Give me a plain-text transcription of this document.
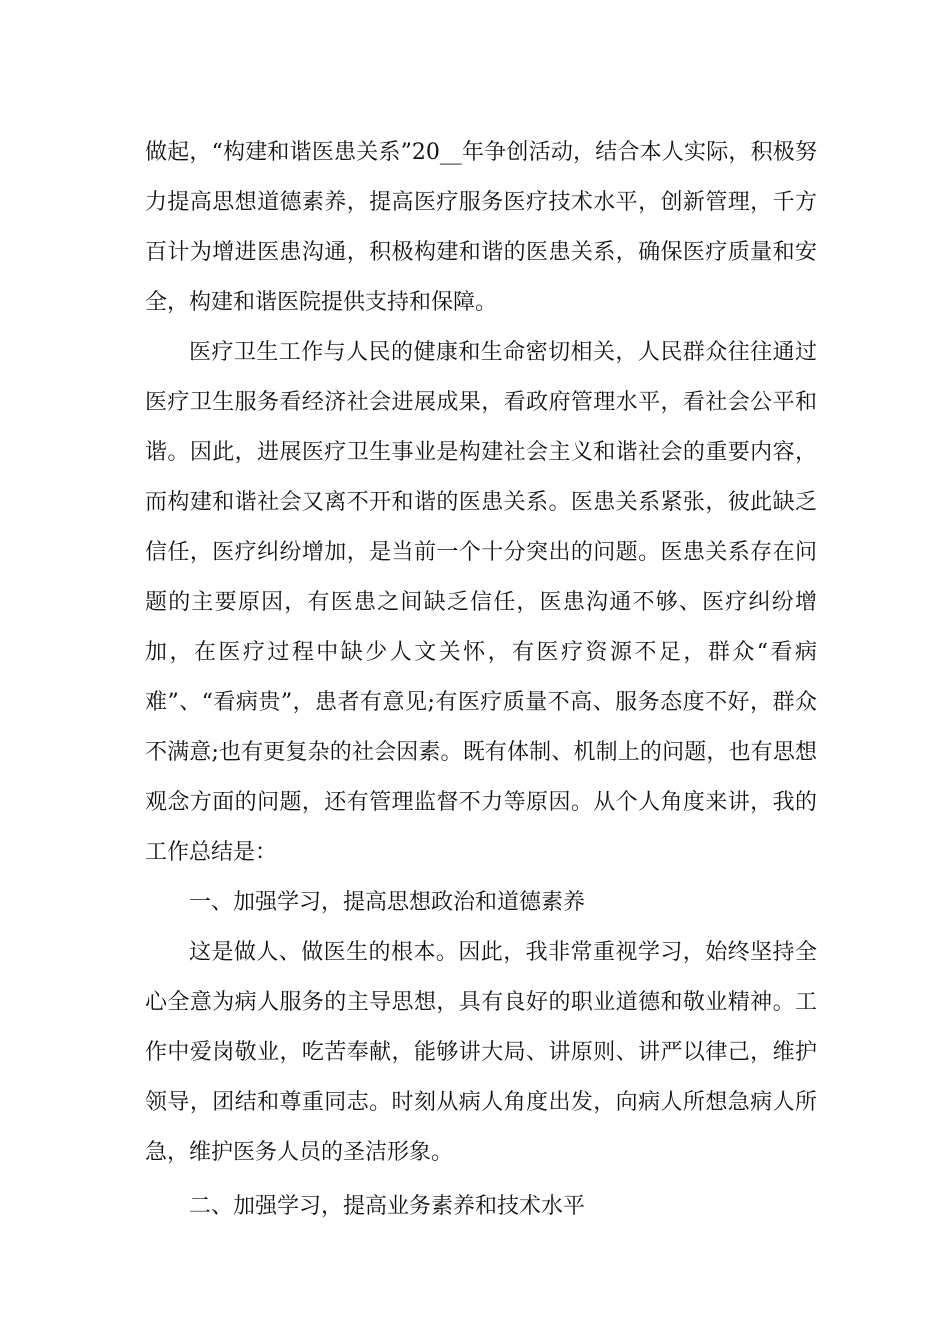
做起，“构建和谐医患关系”20__年争创活动，结合本人实际，积极努力提高思想道德素养，提高医疗服务医疗技术水平，创新管理，千方百计为增进医患沟通，积极构建和谐的医患关系，确保医疗质量和安全，构建和谐医院提供支持和保障。

医疗卫生工作与人民的健康和生命密切相关，人民群众往往通过医疗卫生服务看经济社会进展成果，看政府管理水平，看社会公平和谐。因此，进展医疗卫生事业是构建社会主义和谐社会的重要内容，而构建和谐社会又离不开和谐的医患关系。医患关系紧张，彼此缺乏信任，医疗纠纷增加，是当前一个十分突出的问题。医患关系存在问题的主要原因，有医患之间缺乏信任，医患沟通不够、医疗纠纷增加，在医疗过程中缺少人文关怀，有医疗资源不足，群众“看病难”、“看病贵”，患者有意见;有医疗质量不高、服务态度不好，群众不满意;也有更复杂的社会因素。既有体制、机制上的问题，也有思想观念方面的问题，还有管理监督不力等原因。从个人角度来讲，我的工作总结是：

一、加强学习，提高思想政治和道德素养

这是做人、做医生的根本。因此，我非常重视学习，始终坚持全心全意为病人服务的主导思想，具有良好的职业道德和敬业精神。工作中爱岗敬业，吃苦奉献，能够讲大局、讲原则、讲严以律己，维护领导，团结和尊重同志。时刻从病人角度出发，向病人所想急病人所急，维护医务人员的圣洁形象。

二、加强学习，提高业务素养和技术水平
